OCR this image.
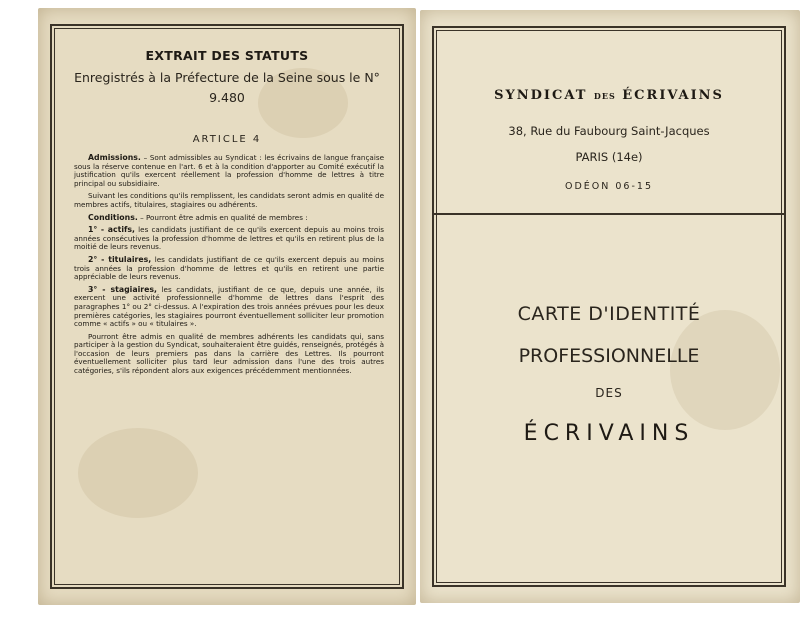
EXTRAIT DES STATUTS
Enregistrés à la Préfecture de la Seine sous le N° 9.480
ARTICLE 4

Admissions. – Sont admissibles au Syndicat : les écrivains de langue française sous la réserve contenue en l'art. 6 et à la condition d'apporter au Comité exécutif la justification qu'ils exercent réellement la profession d'homme de lettres à titre principal ou subsidiaire.

Suivant les conditions qu'ils remplissent, les candidats seront admis en qualité de membres actifs, titulaires, stagiaires ou adhérents.

Conditions. – Pourront être admis en qualité de membres :

1° - actifs, les candidats justifiant de ce qu'ils exercent depuis au moins trois années consécutives la profession d'homme de lettres et qu'ils en retirent plus de la moitié de leurs revenus.

2° - titulaires, les candidats justifiant de ce qu'ils exercent depuis au moins trois années la profession d'homme de lettres et qu'ils en retirent une partie appréciable de leurs revenus.

3° - stagiaires, les candidats, justifiant de ce que, depuis une année, ils exercent une activité professionnelle d'homme de lettres dans l'esprit des paragraphes 1° ou 2° ci-dessus. A l'expiration des trois années prévues pour les deux premières catégories, les stagiaires pourront éventuellement solliciter leur promotion comme « actifs » ou « titulaires ».

Pourront être admis en qualité de membres adhérents les candidats qui, sans participer à la gestion du Syndicat, souhaiteraient être guidés, renseignés, protégés à l'occasion de leurs premiers pas dans la carrière des Lettres. Ils pourront éventuellement solliciter plus tard leur admission dans l'une des trois autres catégories, s'ils répondent alors aux exigences précédemment mentionnées.

SYNDICAT DES ÉCRIVAINS
38, Rue du Faubourg Saint-Jacques
PARIS (14e)
ODÉON 06-15
CARTE D'IDENTITÉ
PROFESSIONNELLE
DES
ÉCRIVAINS
